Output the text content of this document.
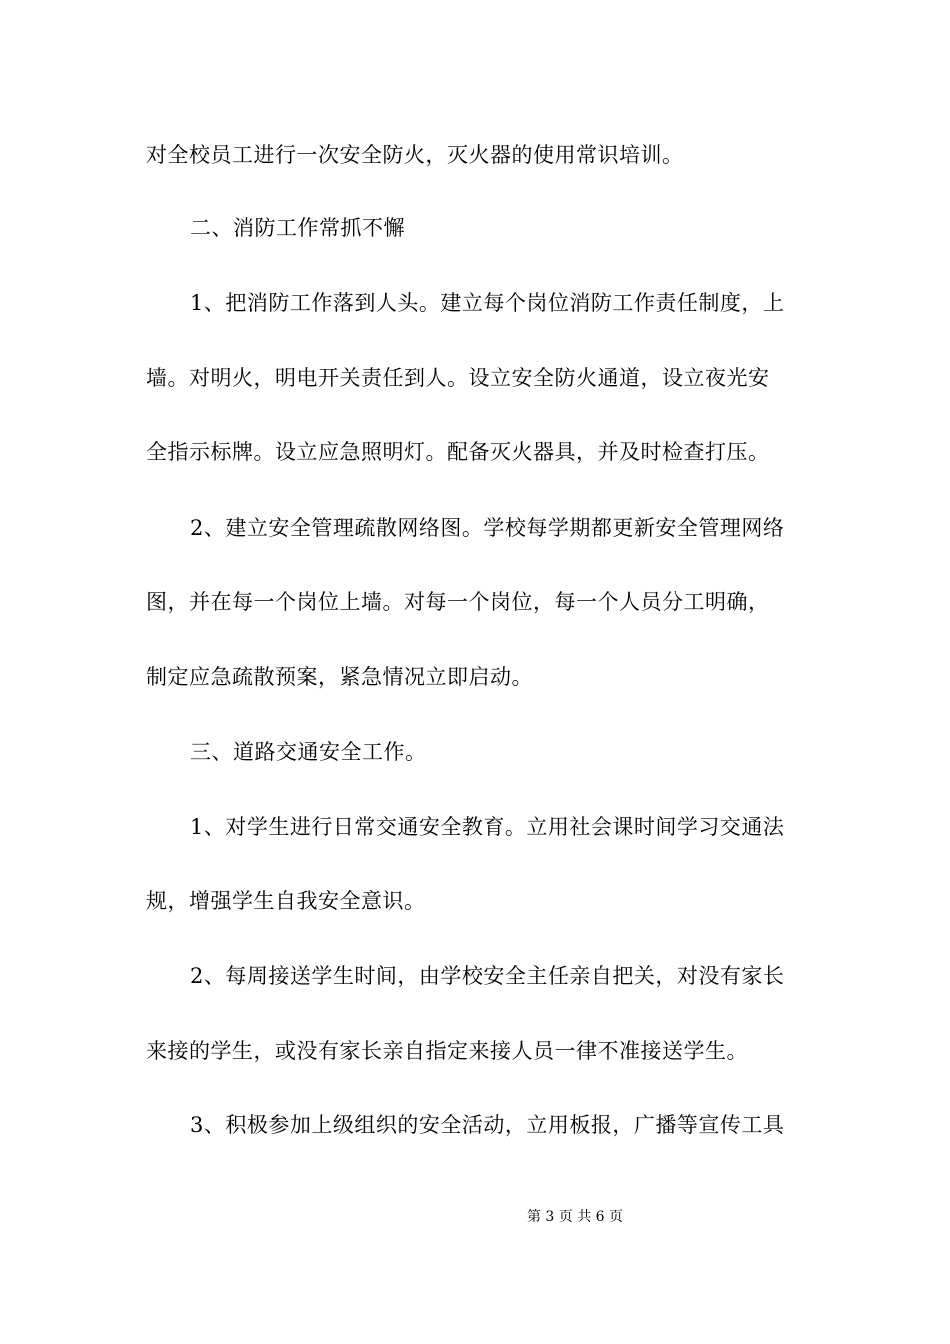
对全校员工进行一次安全防火，灭火器的使用常识培训。
二、消防工作常抓不懈
1、把消防工作落到人头。建立每个岗位消防工作责任制度，上
墙。对明火，明电开关责任到人。设立安全防火通道，设立夜光安
全指示标牌。设立应急照明灯。配备灭火器具，并及时检查打压。
2、建立安全管理疏散网络图。学校每学期都更新安全管理网络
图，并在每一个岗位上墙。对每一个岗位，每一个人员分工明确，
制定应急疏散预案，紧急情况立即启动。
三、道路交通安全工作。
1、对学生进行日常交通安全教育。立用社会课时间学习交通法
规，增强学生自我安全意识。
2、每周接送学生时间，由学校安全主任亲自把关，对没有家长
来接的学生，或没有家长亲自指定来接人员一律不准接送学生。
3、积极参加上级组织的安全活动，立用板报，广播等宣传工具
第 3 页 共 6 页
